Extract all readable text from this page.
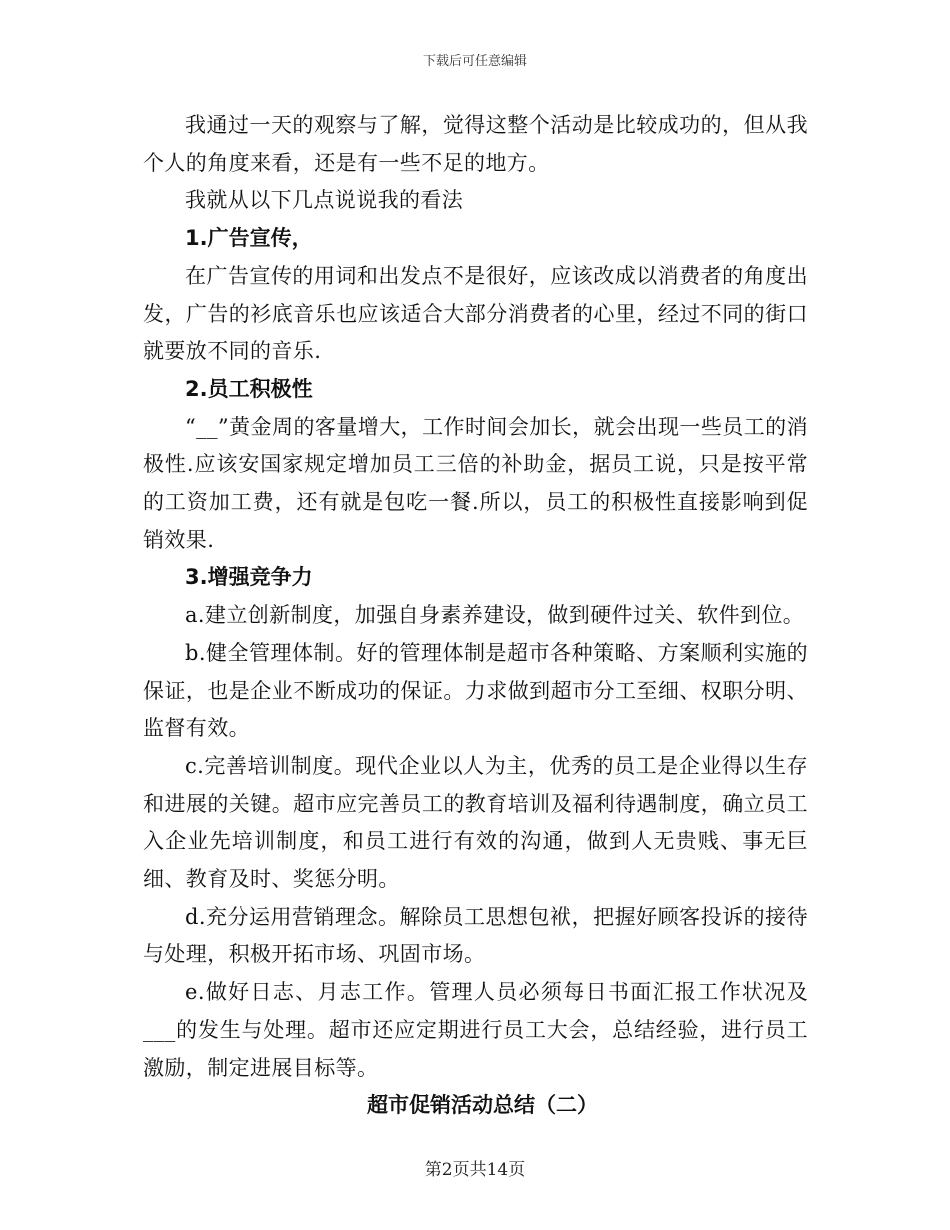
下载后可任意编辑

我通过一天的观察与了解，觉得这整个活动是比较成功的，但从我个人的角度来看，还是有一些不足的地方。

我就从以下几点说说我的看法

1.广告宣传，

在广告宣传的用词和出发点不是很好，应该改成以消费者的角度出发，广告的衫底音乐也应该适合大部分消费者的心里，经过不同的街口就要放不同的音乐.

2.员工积极性

“__”黄金周的客量增大，工作时间会加长，就会出现一些员工的消极性.应该安国家规定增加员工三倍的补助金，据员工说，只是按平常的工资加工费，还有就是包吃一餐.所以，员工的积极性直接影响到促销效果.

3.增强竞争力

a.建立创新制度，加强自身素养建设，做到硬件过关、软件到位。

b.健全管理体制。好的管理体制是超市各种策略、方案顺利实施的保证，也是企业不断成功的保证。力求做到超市分工至细、权职分明、监督有效。

c.完善培训制度。现代企业以人为主，优秀的员工是企业得以生存和进展的关键。超市应完善员工的教育培训及福利待遇制度，确立员工入企业先培训制度，和员工进行有效的沟通，做到人无贵贱、事无巨细、教育及时、奖惩分明。

d.充分运用营销理念。解除员工思想包袱，把握好顾客投诉的接待与处理，积极开拓市场、巩固市场。

e.做好日志、月志工作。管理人员必须每日书面汇报工作状况及___的发生与处理。超市还应定期进行员工大会，总结经验，进行员工激励，制定进展目标等。

超市促销活动总结（二）

第2页共14页
